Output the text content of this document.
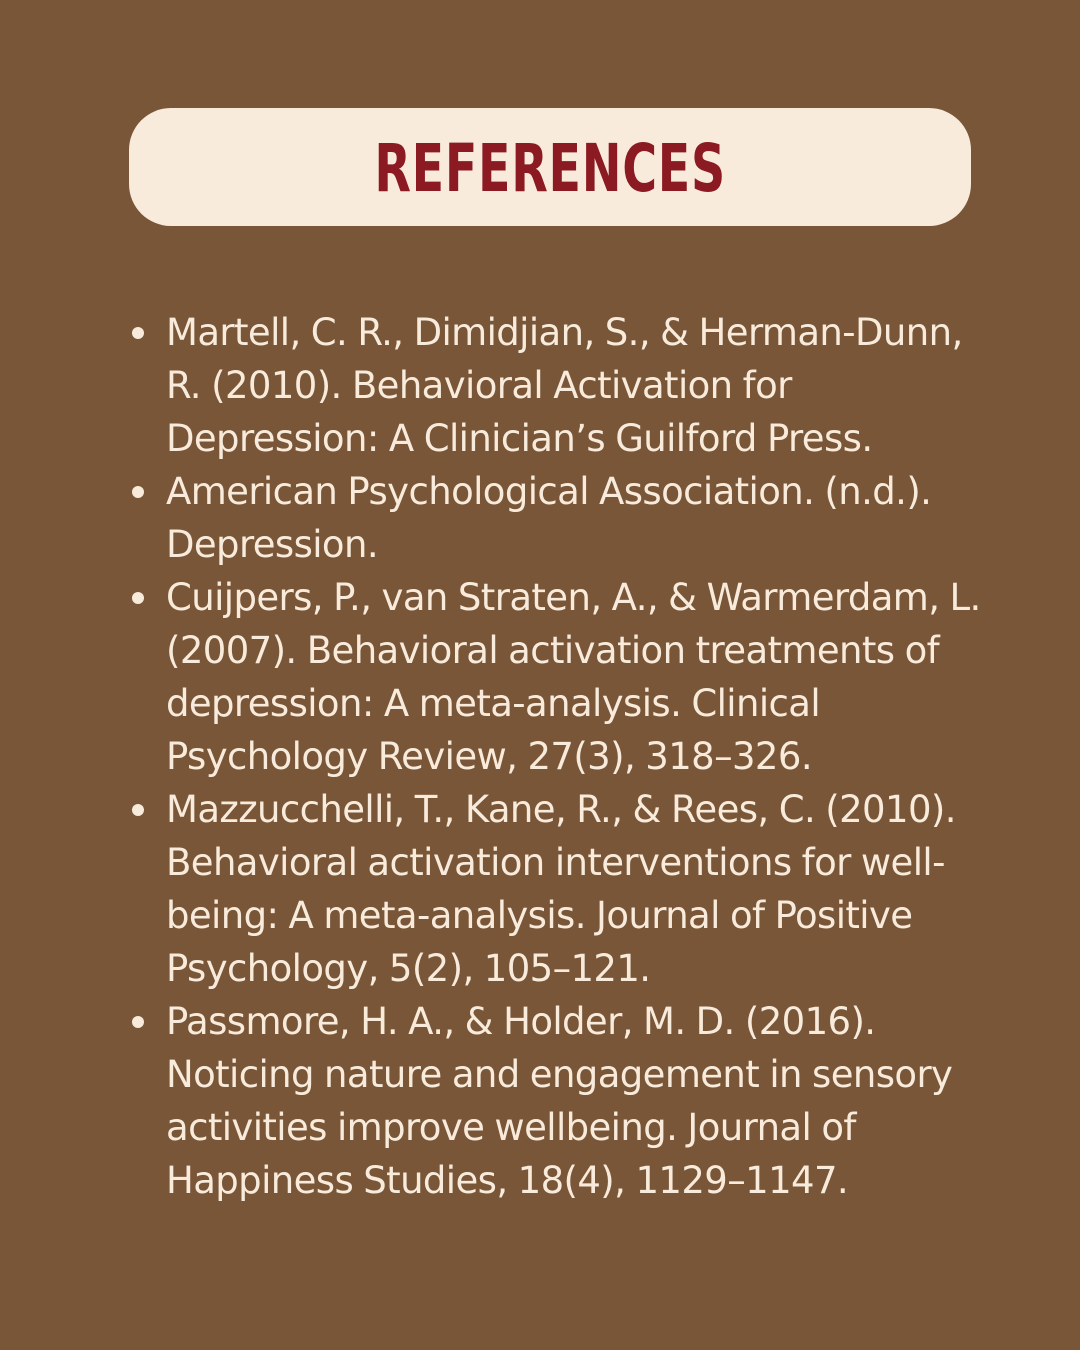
REFERENCES
Martell, C. R., Dimidjian, S., & Herman-Dunn,
R. (2010). Behavioral Activation for
Depression: A Clinician’s Guilford Press.
American Psychological Association. (n.d.).
Depression.
Cuijpers, P., van Straten, A., & Warmerdam, L.
(2007). Behavioral activation treatments of
depression: A meta-analysis. Clinical
Psychology Review, 27(3), 318–326.
Mazzucchelli, T., Kane, R., & Rees, C. (2010).
Behavioral activation interventions for well-
being: A meta-analysis. Journal of Positive
Psychology, 5(2), 105–121.
Passmore, H. A., & Holder, M. D. (2016).
Noticing nature and engagement in sensory
activities improve wellbeing. Journal of
Happiness Studies, 18(4), 1129–1147.
